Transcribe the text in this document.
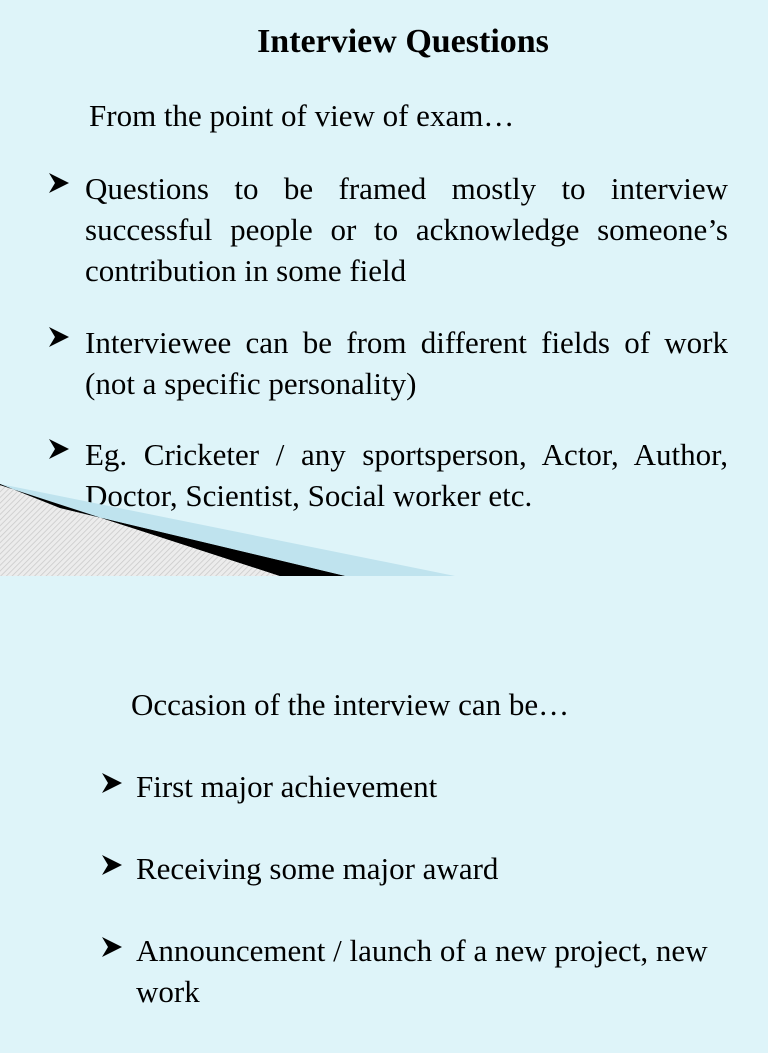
Interview Questions

From the point of view of exam…

Questions to be framed mostly to interview successful people or to acknowledge someone’s contribution in some field
Interviewee can be from different fields of work (not a specific personality)
Eg. Cricketer / any sportsperson, Actor, Author, Doctor, Scientist, Social worker etc.

Occasion of the interview can be…

First major achievement
Receiving some major award
Announcement / launch of a new project, new work
